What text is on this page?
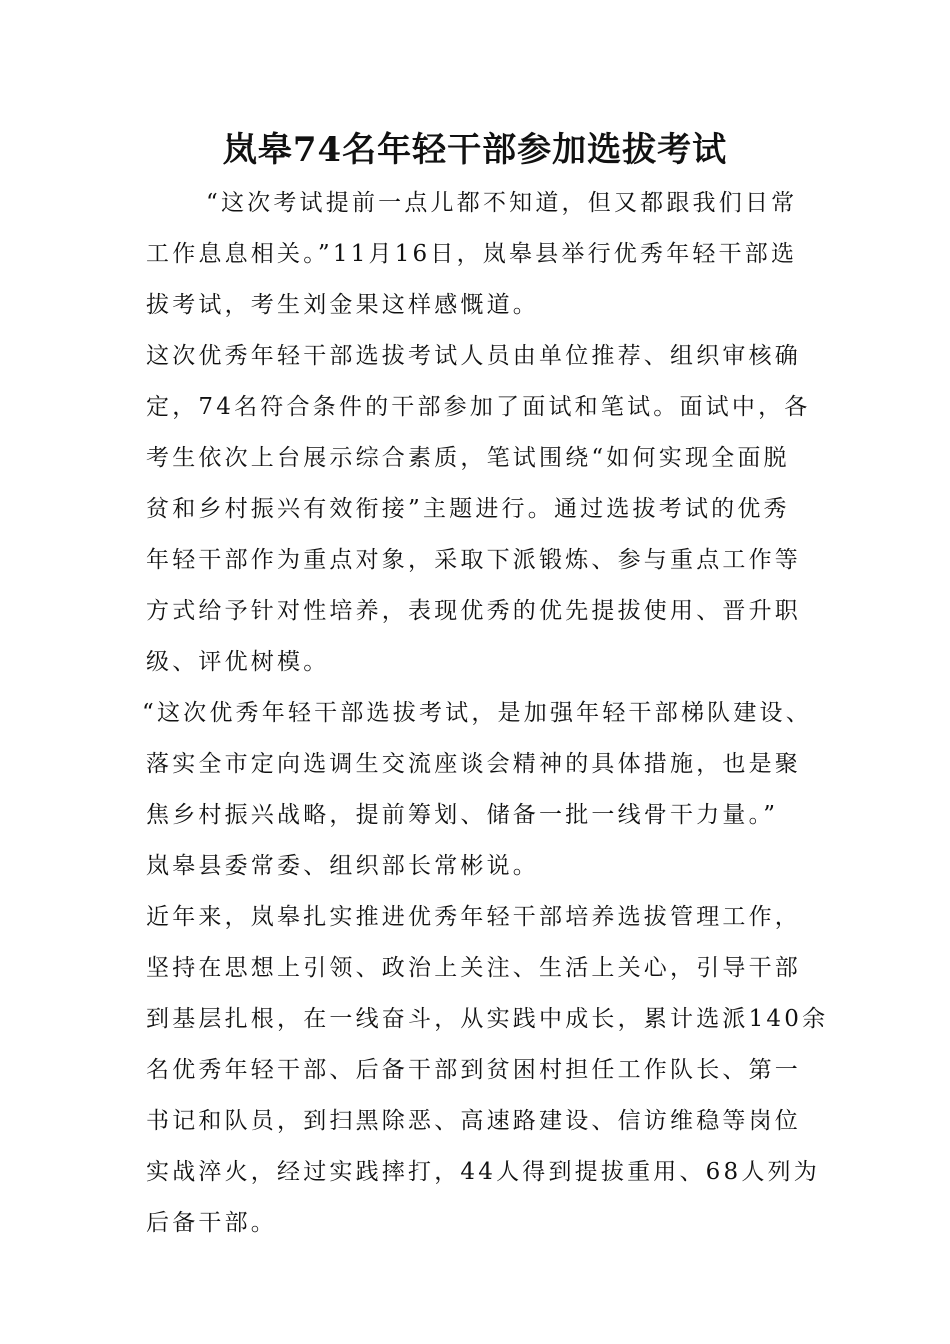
岚皋74名年轻干部参加选拔考试
“这次考试提前一点儿都不知道，但又都跟我们日常
工作息息相关。”11月16日，岚皋县举行优秀年轻干部选
拔考试，考生刘金果这样感慨道。
这次优秀年轻干部选拔考试人员由单位推荐、组织审核确
定，74名符合条件的干部参加了面试和笔试。面试中，各
考生依次上台展示综合素质，笔试围绕“如何实现全面脱
贫和乡村振兴有效衔接”主题进行。通过选拔考试的优秀
年轻干部作为重点对象，采取下派锻炼、参与重点工作等
方式给予针对性培养，表现优秀的优先提拔使用、晋升职
级、评优树模。
“这次优秀年轻干部选拔考试，是加强年轻干部梯队建设、
落实全市定向选调生交流座谈会精神的具体措施，也是聚
焦乡村振兴战略，提前筹划、储备一批一线骨干力量。”
岚皋县委常委、组织部长常彬说。
近年来，岚皋扎实推进优秀年轻干部培养选拔管理工作，
坚持在思想上引领、政治上关注、生活上关心，引导干部
到基层扎根，在一线奋斗，从实践中成长，累计选派140余
名优秀年轻干部、后备干部到贫困村担任工作队长、第一
书记和队员，到扫黑除恶、高速路建设、信访维稳等岗位
实战淬火，经过实践摔打，44人得到提拔重用、68人列为
后备干部。
